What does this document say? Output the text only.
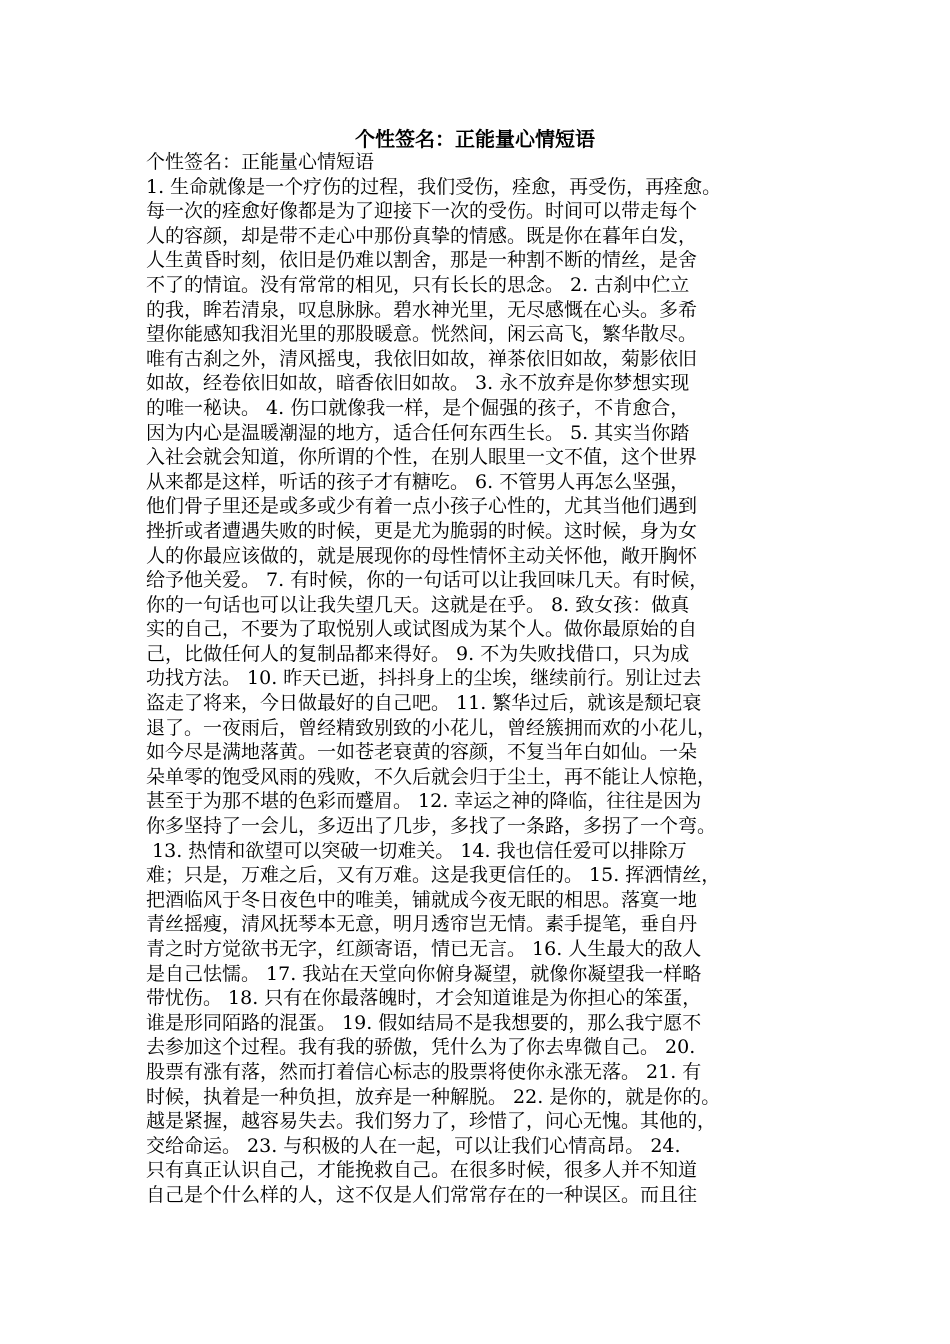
个性签名：正能量心情短语
个性签名：正能量心情短语
1. 生命就像是一个疗伤的过程，我们受伤，痊愈，再受伤，再痊愈。
每一次的痊愈好像都是为了迎接下一次的受伤。时间可以带走每个
人的容颜，却是带不走心中那份真挚的情感。既是你在暮年白发，
人生黄昏时刻，依旧是仍难以割舍，那是一种割不断的情丝，是舍
不了的情谊。没有常常的相见，只有长长的思念。 2. 古刹中伫立
的我，眸若清泉，叹息脉脉。碧水神光里，无尽感慨在心头。多希
望你能感知我泪光里的那股暖意。恍然间，闲云高飞，繁华散尽。
唯有古刹之外，清风摇曳，我依旧如故，禅茶依旧如故，菊影依旧
如故，经卷依旧如故，暗香依旧如故。 3. 永不放弃是你梦想实现
的唯一秘诀。 4. 伤口就像我一样，是个倔强的孩子，不肯愈合，
因为内心是温暖潮湿的地方，适合任何东西生长。 5. 其实当你踏
入社会就会知道，你所谓的个性，在别人眼里一文不值，这个世界
从来都是这样，听话的孩子才有糖吃。 6. 不管男人再怎么坚强，
他们骨子里还是或多或少有着一点小孩子心性的，尤其当他们遇到
挫折或者遭遇失败的时候，更是尤为脆弱的时候。这时候，身为女
人的你最应该做的，就是展现你的母性情怀主动关怀他，敞开胸怀
给予他关爱。 7. 有时候，你的一句话可以让我回味几天。有时候，
你的一句话也可以让我失望几天。这就是在乎。 8. 致女孩：做真
实的自己，不要为了取悦别人或试图成为某个人。做你最原始的自
己，比做任何人的复制品都来得好。 9. 不为失败找借口，只为成
功找方法。 10. 昨天已逝，抖抖身上的尘埃，继续前行。别让过去
盗走了将来，今日做最好的自己吧。 11. 繁华过后，就该是颓圮衰
退了。一夜雨后，曾经精致别致的小花儿，曾经簇拥而欢的小花儿，
如今尽是满地落黄。一如苍老衰黄的容颜，不复当年白如仙。一朵
朵单零的饱受风雨的残败，不久后就会归于尘土，再不能让人惊艳，
甚至于为那不堪的色彩而蹙眉。 12. 幸运之神的降临，往往是因为
你多坚持了一会儿，多迈出了几步，多找了一条路，多拐了一个弯。
13. 热情和欲望可以突破一切难关。 14. 我也信任爱可以排除万
难；只是，万难之后，又有万难。这是我更信任的。 15. 挥洒情丝，
把酒临风于冬日夜色中的唯美，铺就成今夜无眠的相思。落寞一地
青丝摇瘦，清风抚琴本无意，明月透帘岂无情。素手提笔，垂自丹
青之时方觉欲书无字，红颜寄语，情已无言。 16. 人生最大的敌人
是自己怯懦。 17. 我站在天堂向你俯身凝望，就像你凝望我一样略
带忧伤。 18. 只有在你最落魄时，才会知道谁是为你担心的笨蛋，
谁是形同陌路的混蛋。 19. 假如结局不是我想要的，那么我宁愿不
去参加这个过程。我有我的骄傲，凭什么为了你去卑微自己。 20.
股票有涨有落，然而打着信心标志的股票将使你永涨无落。 21. 有
时候，执着是一种负担，放弃是一种解脱。 22. 是你的，就是你的。
越是紧握，越容易失去。我们努力了，珍惜了，问心无愧。其他的，
交给命运。 23. 与积极的人在一起，可以让我们心情高昂。 24.
只有真正认识自己，才能挽救自己。在很多时候，很多人并不知道
自己是个什么样的人，这不仅是人们常常存在的一种误区。而且往
